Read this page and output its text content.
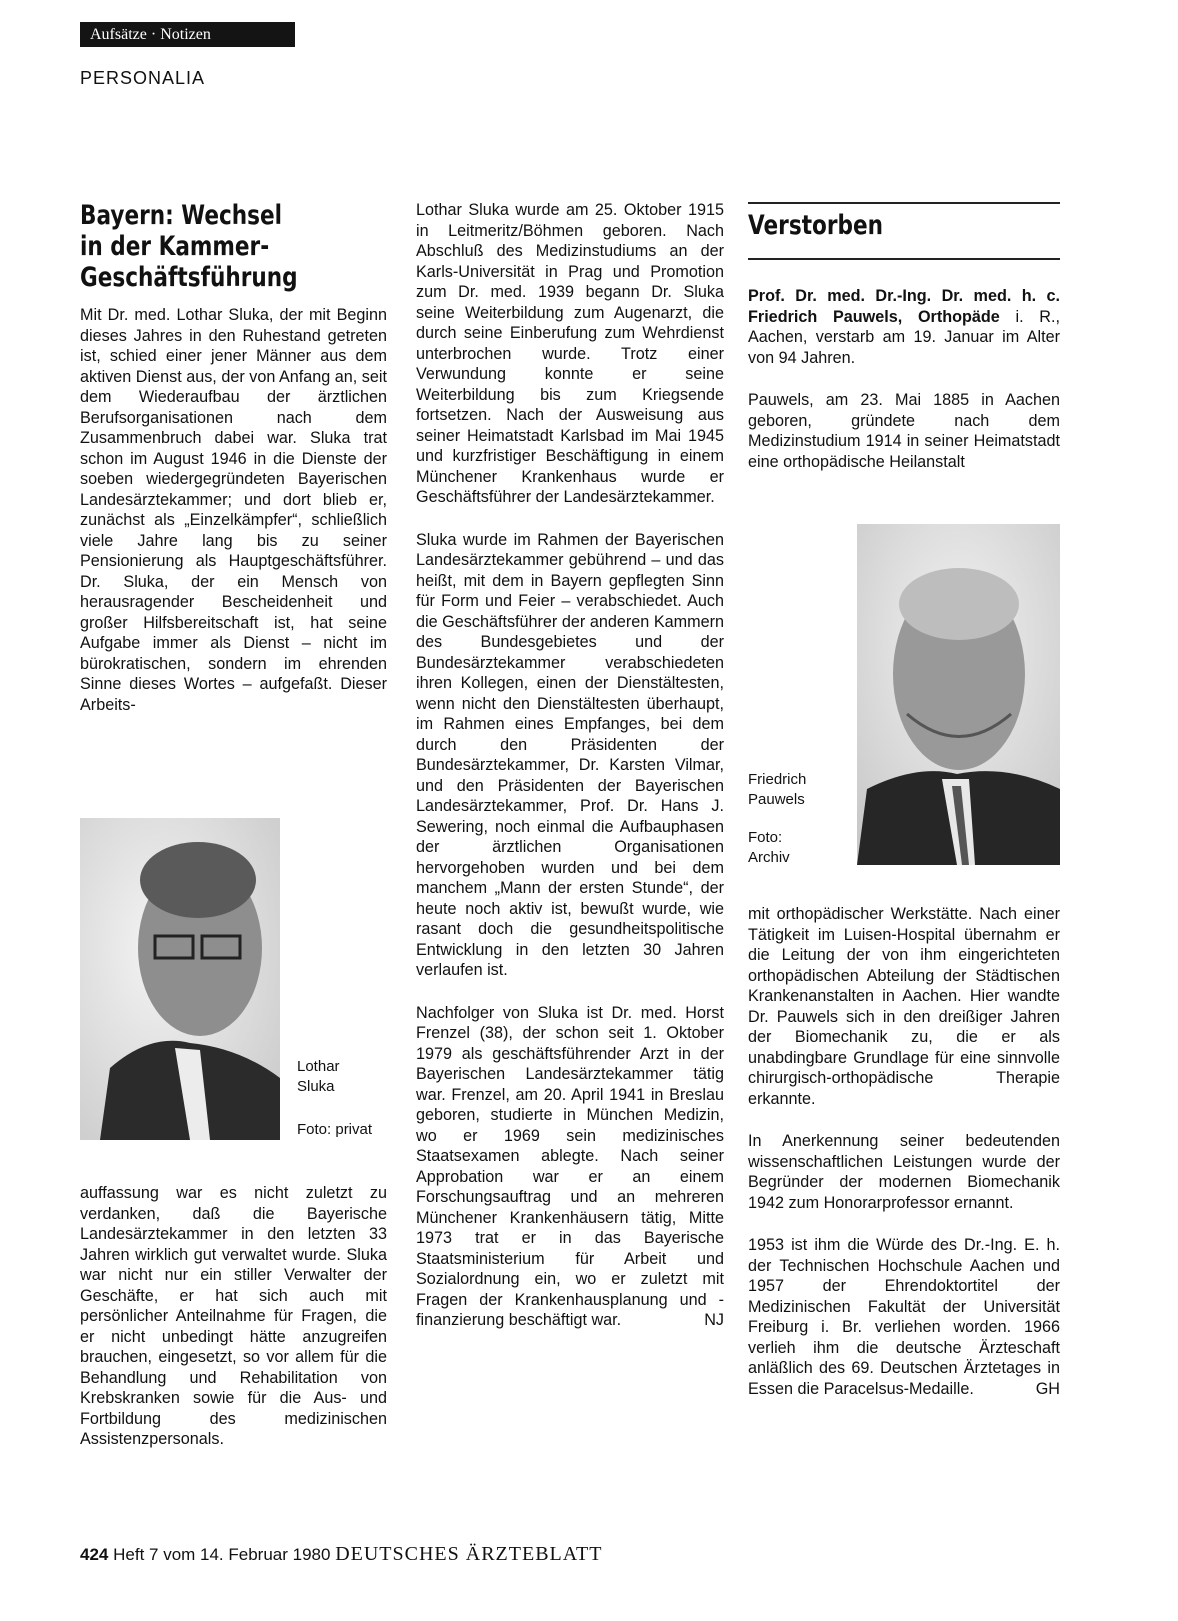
Aufsätze · Notizen
PERSONALIA
Bayern: Wechsel
in der Kammer-
Geschäftsführung

Mit Dr. med. Lothar Sluka, der mit Beginn dieses Jahres in den Ruhestand getreten ist, schied einer jener Männer aus dem aktiven Dienst aus, der von Anfang an, seit dem Wiederaufbau der ärztlichen Berufsorganisationen nach dem Zusammenbruch dabei war. Sluka trat schon im August 1946 in die Dienste der soeben wiedergegründeten Bayerischen Landesärztekammer; und dort blieb er, zunächst als „Einzelkämpfer“, schließlich viele Jahre lang bis zu seiner Pensionierung als Hauptgeschäftsführer. Dr. Sluka, der ein Mensch von herausragender Bescheidenheit und großer Hilfsbereitschaft ist, hat seine Aufgabe immer als Dienst – nicht im bürokratischen, sondern im ehrenden Sinne dieses Wortes – aufgefaßt. Dieser Arbeits-

Lothar
Sluka
Foto: privat

auffassung war es nicht zuletzt zu verdanken, daß die Bayerische Landesärztekammer in den letzten 33 Jahren wirklich gut verwaltet wurde. Sluka war nicht nur ein stiller Verwalter der Geschäfte, er hat sich auch mit persönlicher Anteilnahme für Fragen, die er nicht unbedingt hätte anzugreifen brauchen, eingesetzt, so vor allem für die Behandlung und Rehabilitation von Krebskranken sowie für die Aus- und Fortbildung des medizinischen Assistenzpersonals.

Lothar Sluka wurde am 25. Oktober 1915 in Leitmeritz/Böhmen geboren. Nach Abschluß des Medizinstudiums an der Karls-Universität in Prag und Promotion zum Dr. med. 1939 begann Dr. Sluka seine Weiterbildung zum Augenarzt, die durch seine Einberufung zum Wehrdienst unterbrochen wurde. Trotz einer Verwundung konnte er seine Weiterbildung bis zum Kriegsende fortsetzen. Nach der Ausweisung aus seiner Heimatstadt Karlsbad im Mai 1945 und kurzfristiger Beschäftigung in einem Münchener Krankenhaus wurde er Geschäftsführer der Landesärztekammer.

Sluka wurde im Rahmen der Bayerischen Landesärztekammer gebührend – und das heißt, mit dem in Bayern gepflegten Sinn für Form und Feier – verabschiedet. Auch die Geschäftsführer der anderen Kammern des Bundesgebietes und der Bundesärztekammer verabschiedeten ihren Kollegen, einen der Dienstältesten, wenn nicht den Dienstältesten überhaupt, im Rahmen eines Empfanges, bei dem durch den Präsidenten der Bundesärztekammer, Dr. Karsten Vilmar, und den Präsidenten der Bayerischen Landesärztekammer, Prof. Dr. Hans J. Sewering, noch einmal die Aufbauphasen der ärztlichen Organisationen hervorgehoben wurden und bei dem manchem „Mann der ersten Stunde“, der heute noch aktiv ist, bewußt wurde, wie rasant doch die gesundheitspolitische Entwicklung in den letzten 30 Jahren verlaufen ist.

Nachfolger von Sluka ist Dr. med. Horst Frenzel (38), der schon seit 1. Oktober 1979 als geschäftsführender Arzt in der Bayerischen Landesärztekammer tätig war. Frenzel, am 20. April 1941 in Breslau geboren, studierte in München Medizin, wo er 1969 sein medizinisches Staatsexamen ablegte. Nach seiner Approbation war er an einem Forschungsauftrag und an mehreren Münchener Krankenhäusern tätig, Mitte 1973 trat er in das Bayerische Staatsministerium für Arbeit und Sozialordnung ein, wo er zuletzt mit Fragen der Krankenhausplanung und -finanzierung beschäftigt war.	NJ

Verstorben

Prof. Dr. med. Dr.-Ing. Dr. med. h. c. Friedrich Pauwels, Orthopäde i. R., Aachen, verstarb am 19. Januar im Alter von 94 Jahren.

Pauwels, am 23. Mai 1885 in Aachen geboren, gründete nach dem Medizinstudium 1914 in seiner Heimatstadt eine orthopädische Heilanstalt

Friedrich
Pauwels
Foto:
Archiv

mit orthopädischer Werkstätte. Nach einer Tätigkeit im Luisen-Hospital übernahm er die Leitung der von ihm eingerichteten orthopädischen Abteilung der Städtischen Krankenanstalten in Aachen. Hier wandte Dr. Pauwels sich in den dreißiger Jahren der Biomechanik zu, die er als unabdingbare Grundlage für eine sinnvolle chirurgisch-orthopädische Therapie erkannte.

In Anerkennung seiner bedeutenden wissenschaftlichen Leistungen wurde der Begründer der modernen Biomechanik 1942 zum Honorarprofessor ernannt.

1953 ist ihm die Würde des Dr.-Ing. E. h. der Technischen Hochschule Aachen und 1957 der Ehrendoktortitel der Medizinischen Fakultät der Universität Freiburg i. Br. verliehen worden. 1966 verlieh ihm die deutsche Ärzteschaft anläßlich des 69. Deutschen Ärztetages in Essen die Paracelsus-Medaille.	GH

424 Heft 7 vom 14. Februar 1980 DEUTSCHES ÄRZTEBLATT
